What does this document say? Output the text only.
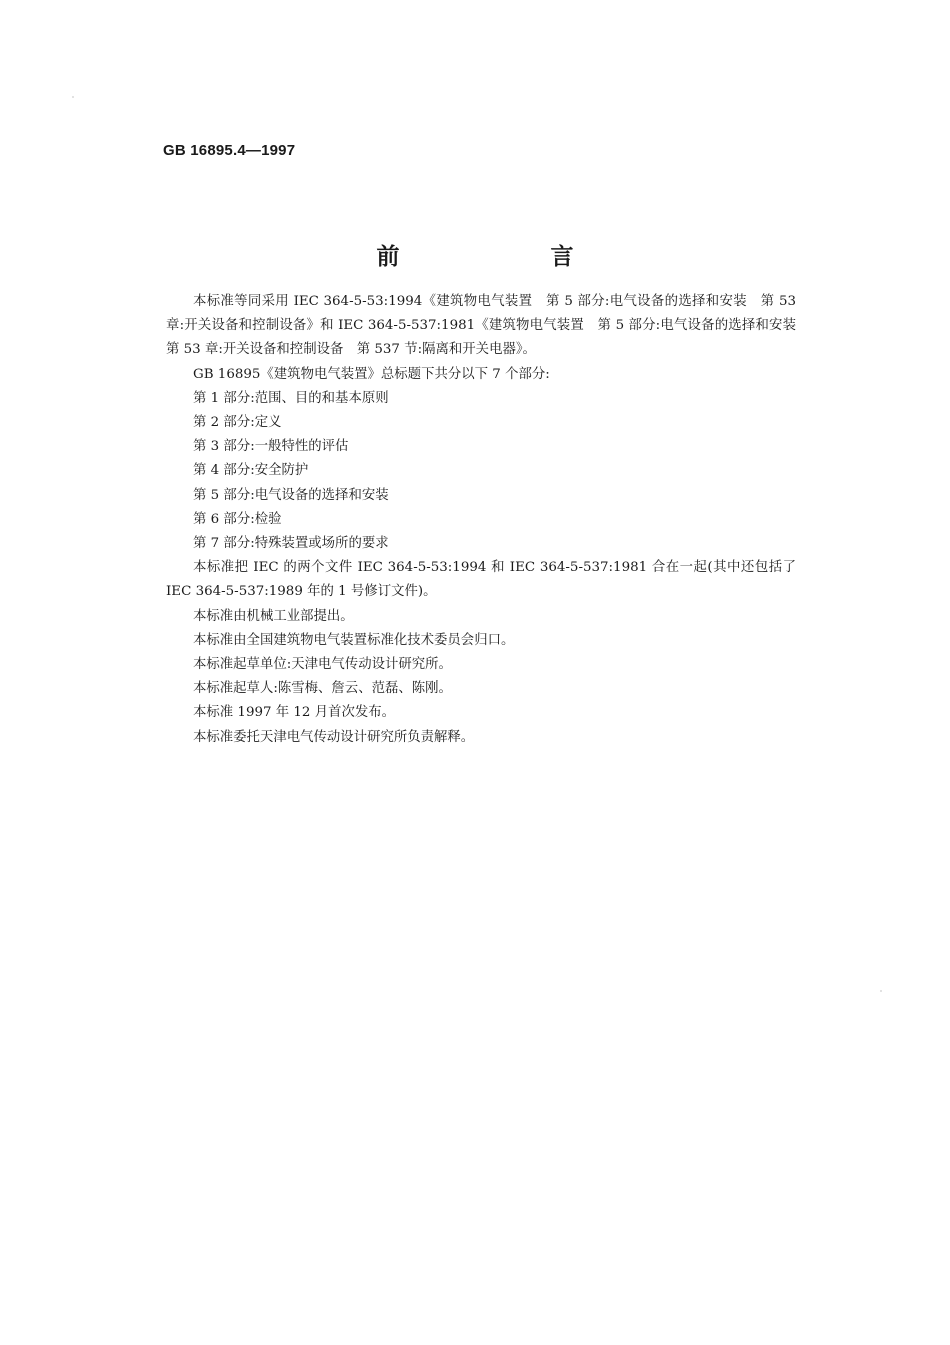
GB 16895.4—1997
前　言

本标准等同采用 IEC 364-5-53:1994《建筑物电气装置　第 5 部分:电气设备的选择和安装　第 53 章:开关设备和控制设备》和 IEC 364-5-537:1981《建筑物电气装置　第 5 部分:电气设备的选择和安装　第 53 章:开关设备和控制设备　第 537 节:隔离和开关电器》。

GB 16895《建筑物电气装置》总标题下共分以下 7 个部分:

第 1 部分:范围、目的和基本原则

第 2 部分:定义

第 3 部分:一般特性的评估

第 4 部分:安全防护

第 5 部分:电气设备的选择和安装

第 6 部分:检验

第 7 部分:特殊装置或场所的要求

本标准把 IEC 的两个文件 IEC 364-5-53:1994 和 IEC 364-5-537:1981 合在一起(其中还包括了 IEC 364-5-537:1989 年的 1 号修订文件)。

本标准由机械工业部提出。

本标准由全国建筑物电气装置标准化技术委员会归口。

本标准起草单位:天津电气传动设计研究所。

本标准起草人:陈雪梅、詹云、范磊、陈刚。

本标准 1997 年 12 月首次发布。

本标准委托天津电气传动设计研究所负责解释。
